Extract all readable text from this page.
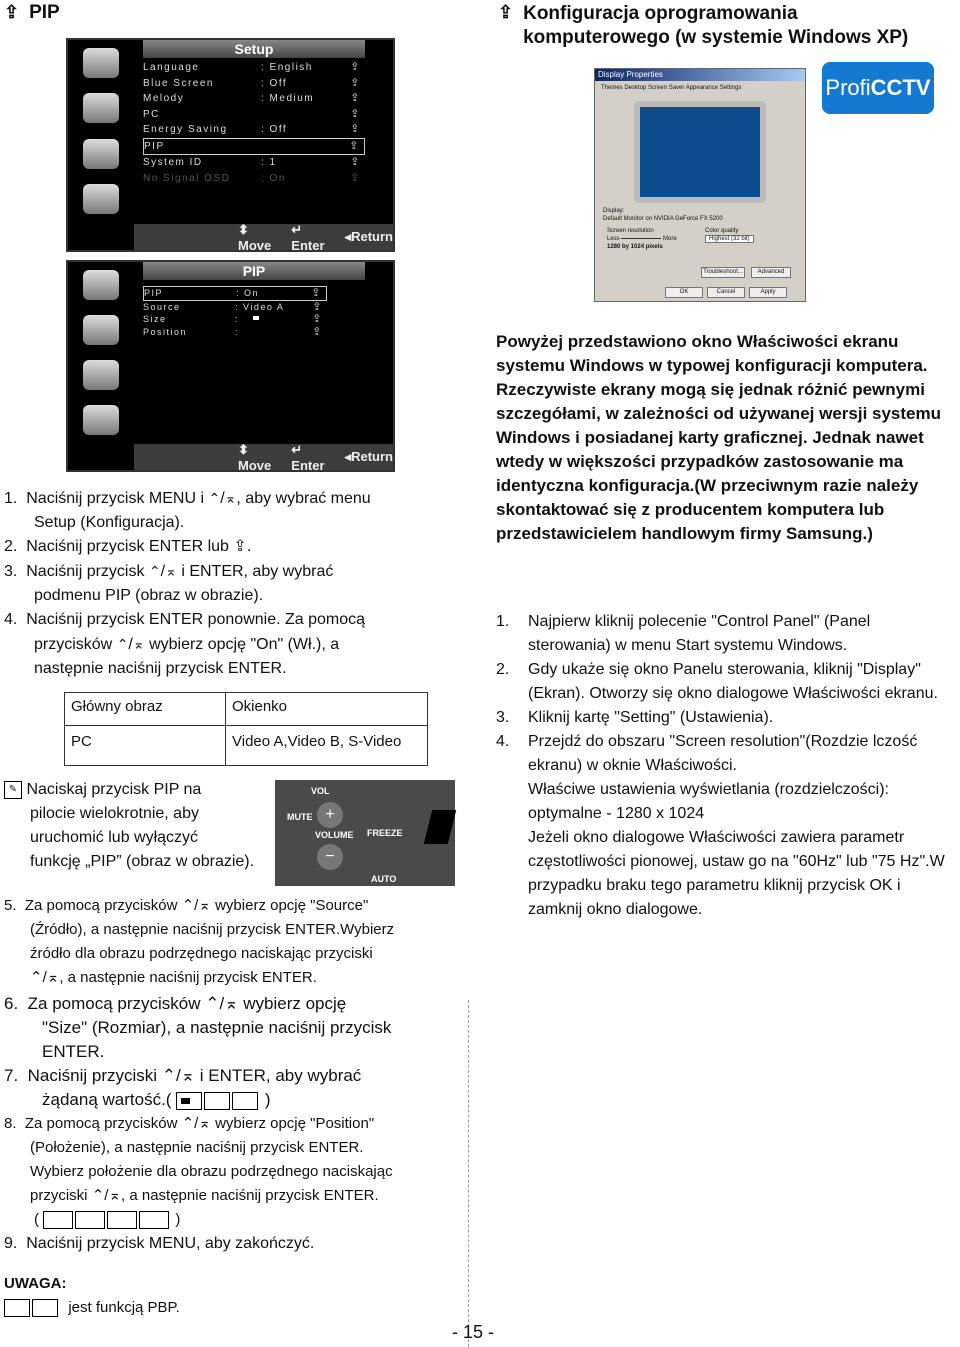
⇪ PIP	⇪ Konfiguracja oprogramowania
komputerowego (w systemie Windows XP)
Setup
Language	: English	⇪
Blue Screen	: Off	⇪
Melody	: Medium	⇪
PC	⇪
Energy Saving	: Off	⇪
PIP	⇪
System ID	: 1	⇪
No Signal OSD	: On	⇪
⬍ Move
↵ Enter
◂Return
PIP
PIP	: On	⇪
Source	: Video A	⇪
Size	:	⇪
Position	:	⇪
⬍ Move
↵ Enter
◂Return
Display Properties
Themes Desktop Screen Saver Appearance Settings
Display:
Default Monitor on NVIDIA GeForce FX 5200
Screen resolution
Less	More
1280 by 1024 pixels
Color quality
Highest (32 bit)
Troubleshoot...	Advanced
OK	Cancel	Apply
Profi CCTV
1. Naciśnij przycisk MENU i ⌃/⌅, aby wybrać menu
Setup (Konfiguracja).
2. Naciśnij przycisk ENTER lub ⇪.
3. Naciśnij przycisk ⌃/⌅ i ENTER, aby wybrać
podmenu PIP (obraz w obrazie).
4. Naciśnij przycisk ENTER ponownie. Za pomocą
przycisków ⌃/⌅ wybierz opcję "On" (Wł.), a
następnie naciśnij przycisk ENTER.
Główny obraz	Okienko
PC	Video A,Video B, S-Video
✎ Naciskaj przycisk PIP na
pilocie wielokrotnie, aby
uruchomić lub wyłączyć
funkcję „PIP” (obraz w obrazie).
VOL
MUTE +
VOLUME
−
FREEZE
AUTO
5. Za pomocą przycisków ⌃/⌅ wybierz opcję "Source"
(Źródło), a następnie naciśnij przycisk ENTER.Wybierz
źródło dla obrazu podrzędnego naciskając przyciski
⌃/⌅, a następnie naciśnij przycisk ENTER.
6. Za pomocą przycisków ⌃/⌅ wybierz opcję
"Size" (Rozmiar), a następnie naciśnij przycisk
ENTER.
7. Naciśnij przyciski ⌃/⌅ i ENTER, aby wybrać
żądaną wartość.(	)
8. Za pomocą przycisków ⌃/⌅ wybierz opcję "Position"
(Położenie), a następnie naciśnij przycisk ENTER.
Wybierz położenie dla obrazu podrzędnego naciskając
przyciski ⌃/⌅, a następnie naciśnij przycisk ENTER.
(	)
9. Naciśnij przycisk MENU, aby zakończyć.
UWAGA:
jest funkcją PBP.
- 15 -
Powyżej przedstawiono okno Właściwości ekranu systemu Windows w typowej konfiguracji komputera. Rzeczywiste ekrany mogą się jednak różnić pewnymi szczegółami, w zależności od używanej wersji systemu Windows i posiadanej karty graficznej. Jednak nawet wtedy w większości przypadków zastosowanie ma identyczna konfiguracja.(W przeciwnym razie należy skontaktować się z producentem komputera lub przedstawicielem handlowym firmy Samsung.)
1.	Najpierw kliknij polecenie "Control Panel" (Panel sterowania) w menu Start systemu Windows.
2.	Gdy ukaże się okno Panelu sterowania, kliknij "Display" (Ekran). Otworzy się okno dialogowe Właściwości ekranu.
3.	Kliknij kartę "Setting" (Ustawienia).
4.	Przejdź do obszaru "Screen resolution"(Rozdzie lczość ekranu) w oknie Właściwości.
Właściwe ustawienia wyświetlania (rozdzielczości): optymalne - 1280 x 1024
Jeżeli okno dialogowe Właściwości zawiera parametr częstotliwości pionowej, ustaw go na "60Hz" lub "75 Hz".W przypadku braku tego parametru kliknij przycisk OK i zamknij okno dialogowe.
